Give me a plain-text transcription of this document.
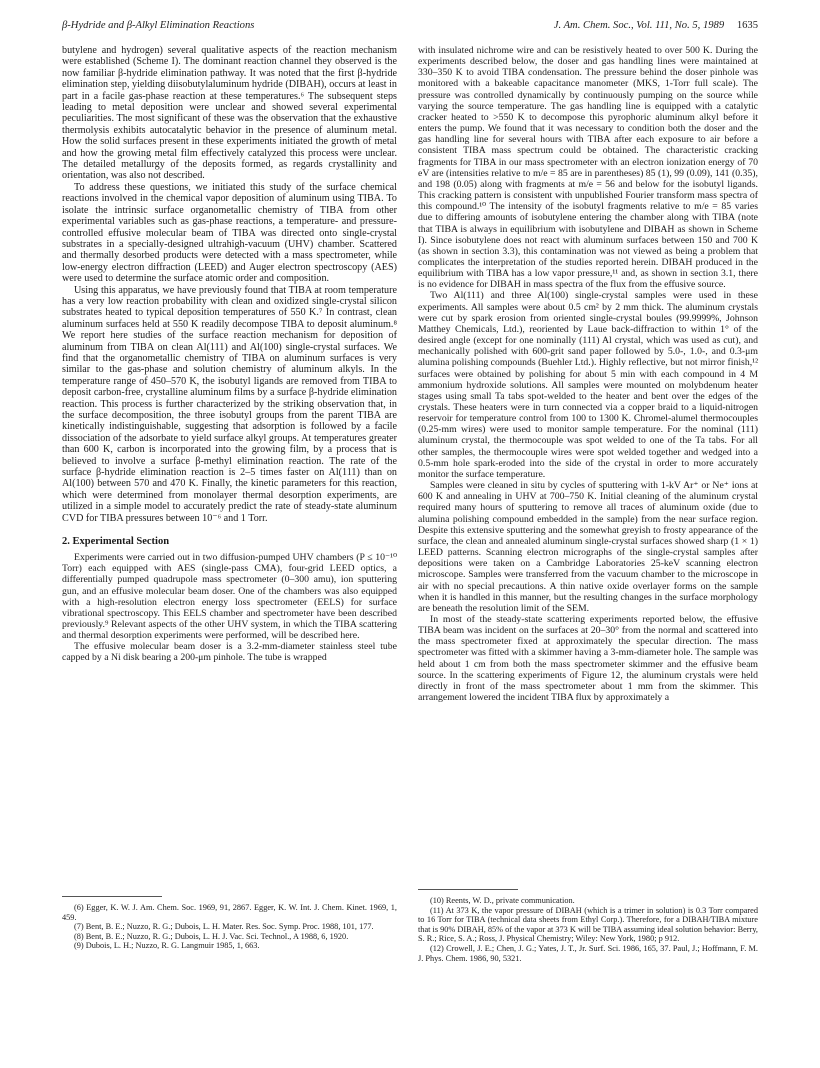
β-Hydride and β-Alkyl Elimination Reactions	J. Am. Chem. Soc., Vol. 111, No. 5, 1989 1635

butylene and hydrogen) several qualitative aspects of the reaction mechanism were established (Scheme I). The dominant reaction channel they observed is the now familiar β-hydride elimination pathway. It was noted that the first β-hydride elimination step, yielding diisobutylaluminum hydride (DIBAH), occurs at least in part in a facile gas-phase reaction at these temperatures.⁶ The subsequent steps leading to metal deposition were unclear and showed several experimental peculiarities. The most significant of these was the observation that the exhaustive thermolysis exhibits autocatalytic behavior in the presence of aluminum metal. How the solid surfaces present in these experiments initiated the growth of metal and how the growing metal film effectively catalyzed this process were unclear. The detailed metallurgy of the deposits formed, as regards crystallinity and orientation, was also not described.

To address these questions, we initiated this study of the surface chemical reactions involved in the chemical vapor deposition of aluminum using TIBA. To isolate the intrinsic surface organometallic chemistry of TIBA from other experimental variables such as gas-phase reactions, a temperature- and pressure-controlled effusive molecular beam of TIBA was directed onto single-crystal substrates in a specially-designed ultrahigh-vacuum (UHV) chamber. Scattered and thermally desorbed products were detected with a mass spectrometer, while low-energy electron diffraction (LEED) and Auger electron spectroscopy (AES) were used to determine the surface atomic order and composition.

Using this apparatus, we have previously found that TIBA at room temperature has a very low reaction probability with clean and oxidized single-crystal silicon substrates heated to typical deposition temperatures of 550 K.⁷ In contrast, clean aluminum surfaces held at 550 K readily decompose TIBA to deposit aluminum.⁸ We report here studies of the surface reaction mechanism for deposition of aluminum from TIBA on clean Al(111) and Al(100) single-crystal surfaces. We find that the organometallic chemistry of TIBA on aluminum surfaces is very similar to the gas-phase and solution chemistry of aluminum alkyls. In the temperature range of 450–570 K, the isobutyl ligands are removed from TIBA to deposit carbon-free, crystalline aluminum films by a surface β-hydride elimination reaction. This process is further characterized by the striking observation that, in the surface decomposition, the three isobutyl groups from the parent TIBA are kinetically indistinguishable, suggesting that adsorption is followed by a facile dissociation of the adsorbate to yield surface alkyl groups. At temperatures greater than 600 K, carbon is incorporated into the growing film, by a process that is believed to involve a surface β-methyl elimination reaction. The rate of the surface β-hydride elimination reaction is 2–5 times faster on Al(111) than on Al(100) between 570 and 470 K. Finally, the kinetic parameters for this reaction, which were determined from monolayer thermal desorption experiments, are utilized in a simple model to accurately predict the rate of steady-state aluminum CVD for TIBA pressures between 10⁻⁶ and 1 Torr.

2. Experimental Section

Experiments were carried out in two diffusion-pumped UHV chambers (P ≤ 10⁻¹⁰ Torr) each equipped with AES (single-pass CMA), four-grid LEED optics, a differentially pumped quadrupole mass spectrometer (0–300 amu), ion sputtering gun, and an effusive molecular beam doser. One of the chambers was also equipped with a high-resolution electron energy loss spectrometer (EELS) for surface vibrational spectroscopy. This EELS chamber and spectrometer have been described previously.⁹ Relevant aspects of the other UHV system, in which the TIBA scattering and thermal desorption experiments were performed, will be described here.

The effusive molecular beam doser is a 3.2-mm-diameter stainless steel tube capped by a Ni disk bearing a 200-μm pinhole. The tube is wrapped

with insulated nichrome wire and can be resistively heated to over 500 K. During the experiments described below, the doser and gas handling lines were maintained at 330–350 K to avoid TIBA condensation. The pressure behind the doser pinhole was monitored with a bakeable capacitance manometer (MKS, 1-Torr full scale). The pressure was controlled dynamically by continuously pumping on the source while varying the source temperature. The gas handling line is equipped with a catalytic cracker heated to >550 K to decompose this pyrophoric aluminum alkyl before it enters the pump. We found that it was necessary to condition both the doser and the gas handling line for several hours with TIBA after each exposure to air before a consistent TIBA mass spectrum could be obtained. The characteristic cracking fragments for TIBA in our mass spectrometer with an electron ionization energy of 70 eV are (intensities relative to m/e = 85 are in parentheses) 85 (1), 99 (0.09), 141 (0.35), and 198 (0.05) along with fragments at m/e = 56 and below for the isobutyl ligands. This cracking pattern is consistent with unpublished Fourier transform mass spectra of this compound.¹⁰ The intensity of the isobutyl fragments relative to m/e = 85 varies due to differing amounts of isobutylene entering the chamber along with TIBA (note that TIBA is always in equilibrium with isobutylene and DIBAH as shown in Scheme I). Since isobutylene does not react with aluminum surfaces between 150 and 700 K (as shown in section 3.3), this contamination was not viewed as being a problem that complicates the interpretation of the studies reported herein. DIBAH produced in the equilibrium with TIBA has a low vapor pressure,¹¹ and, as shown in section 3.1, there is no evidence for DIBAH in mass spectra of the flux from the effusive source.

Two Al(111) and three Al(100) single-crystal samples were used in these experiments. All samples were about 0.5 cm² by 2 mm thick. The aluminum crystals were cut by spark erosion from oriented single-crystal boules (99.9999%, Johnson Matthey Chemicals, Ltd.), reoriented by Laue back-diffraction to within 1° of the desired angle (except for one nominally (111) Al crystal, which was used as cut), and mechanically polished with 600-grit sand paper followed by 5.0-, 1.0-, and 0.3-μm alumina polishing compounds (Buehler Ltd.). Highly reflective, but not mirror finish,¹² surfaces were obtained by polishing for about 5 min with each compound in 4 M ammonium hydroxide solutions. All samples were mounted on molybdenum heater stages using small Ta tabs spot-welded to the heater and bent over the edges of the crystals. These heaters were in turn connected via a copper braid to a liquid-nitrogen reservoir for temperature control from 100 to 1300 K. Chromel-alumel thermocouples (0.25-mm wires) were used to monitor sample temperature. For the nominal (111) aluminum crystal, the thermocouple was spot welded to one of the Ta tabs. For all other samples, the thermocouple wires were spot welded together and wedged into a 0.5-mm hole spark-eroded into the side of the crystal in order to more accurately monitor the surface temperature.

Samples were cleaned in situ by cycles of sputtering with 1-kV Ar⁺ or Ne⁺ ions at 600 K and annealing in UHV at 700–750 K. Initial cleaning of the aluminum crystal required many hours of sputtering to remove all traces of aluminum oxide (due to alumina polishing compound embedded in the sample) from the near surface region. Despite this extensive sputtering and the somewhat greyish to frosty appearance of the surface, the clean and annealed aluminum single-crystal surfaces showed sharp (1 × 1) LEED patterns. Scanning electron micrographs of the single-crystal samples after depositions were taken on a Cambridge Laboratories 25-keV scanning electron microscope. Samples were transferred from the vacuum chamber to the microscope in air with no special precautions. A thin native oxide overlayer forms on the sample when it is handled in this manner, but the resulting changes in the surface morphology are beneath the resolution limit of the SEM.

In most of the steady-state scattering experiments reported below, the effusive TIBA beam was incident on the surfaces at 20–30° from the normal and scattered into the mass spectrometer fixed at approximately the specular direction. The mass spectrometer was fitted with a skimmer having a 3-mm-diameter hole. The sample was held about 1 cm from both the mass spectrometer skimmer and the effusive beam source. In the scattering experiments of Figure 12, the aluminum crystals were held directly in front of the mass spectrometer about 1 mm from the skimmer. This arrangement lowered the incident TIBA flux by approximately a

(6) Egger, K. W. J. Am. Chem. Soc. 1969, 91, 2867. Egger, K. W. Int. J. Chem. Kinet. 1969, 1, 459.

(7) Bent, B. E.; Nuzzo, R. G.; Dubois, L. H. Mater. Res. Soc. Symp. Proc. 1988, 101, 177.

(8) Bent, B. E.; Nuzzo, R. G.; Dubois, L. H. J. Vac. Sci. Technol., A 1988, 6, 1920.

(9) Dubois, L. H.; Nuzzo, R. G. Langmuir 1985, 1, 663.

(10) Reents, W. D., private communication.

(11) At 373 K, the vapor pressure of DIBAH (which is a trimer in solution) is 0.3 Torr compared to 16 Torr for TIBA (technical data sheets from Ethyl Corp.). Therefore, for a DIBAH/TIBA mixture that is 90% DIBAH, 85% of the vapor at 373 K will be TIBA assuming ideal solution behavior: Berry, S. R.; Rice, S. A.; Ross, J. Physical Chemistry; Wiley: New York, 1980; p 912.

(12) Crowell, J. E.; Chen, J. G.; Yates, J. T., Jr. Surf. Sci. 1986, 165, 37. Paul, J.; Hoffmann, F. M. J. Phys. Chem. 1986, 90, 5321.
